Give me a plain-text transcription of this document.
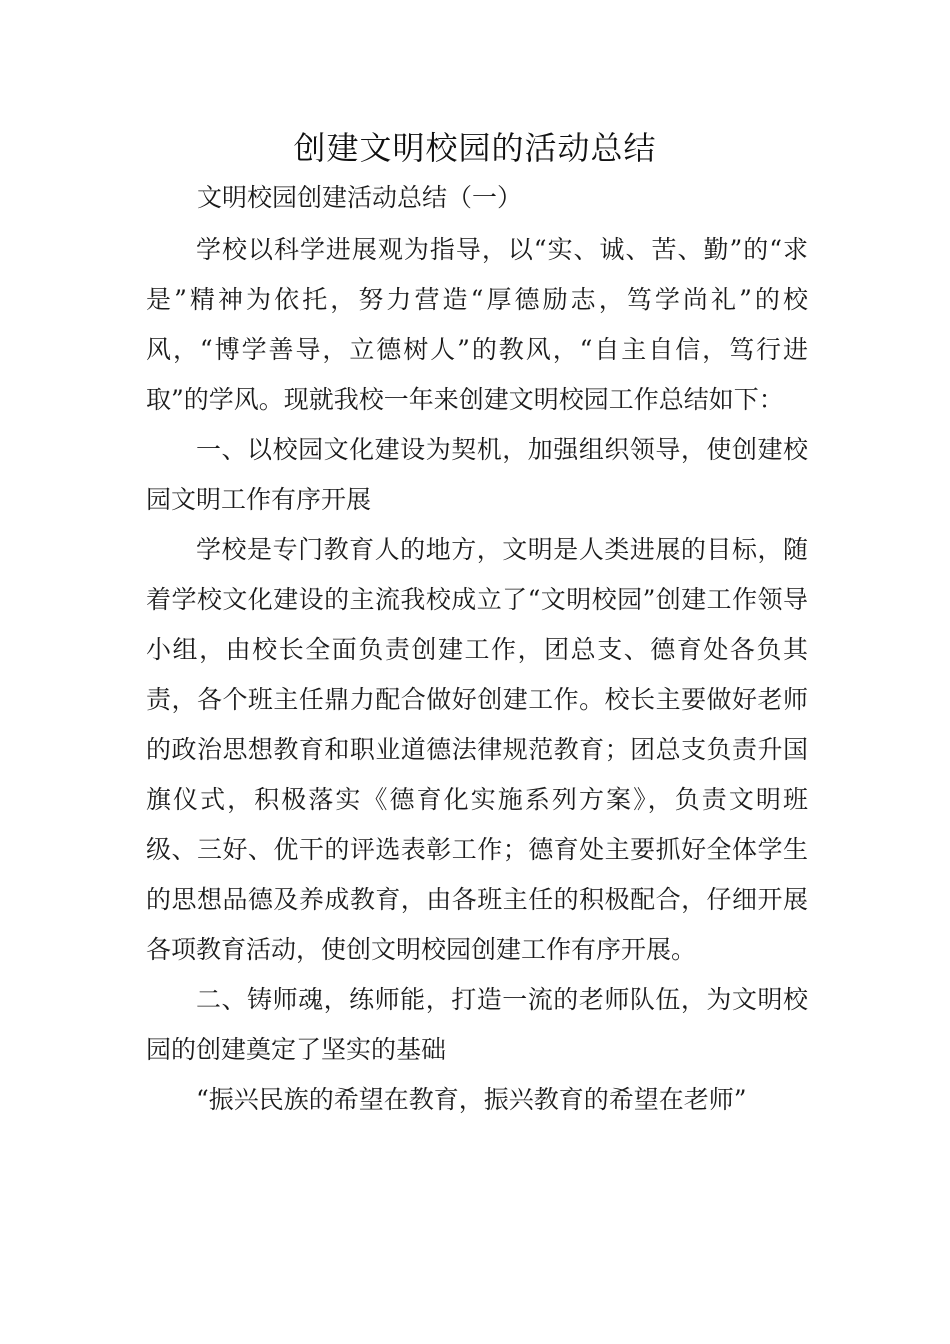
创建文明校园的活动总结
文明校园创建活动总结（一）

学校以科学进展观为指导，以“实、诚、苦、勤”的“求是”精神为依托，努力营造“厚德励志，笃学尚礼”的校风，“博学善导，立德树人”的教风，“自主自信，笃行进取”的学风。现就我校一年来创建文明校园工作总结如下：

一、以校园文化建设为契机，加强组织领导，使创建校园文明工作有序开展

学校是专门教育人的地方，文明是人类进展的目标，随着学校文化建设的主流我校成立了“文明校园”创建工作领导小组，由校长全面负责创建工作，团总支、德育处各负其责，各个班主任鼎力配合做好创建工作。校长主要做好老师的政治思想教育和职业道德法律规范教育；团总支负责升国旗仪式，积极落实《德育化实施系列方案》，负责文明班级、三好、优干的评选表彰工作；德育处主要抓好全体学生的思想品德及养成教育，由各班主任的积极配合，仔细开展各项教育活动，使创文明校园创建工作有序开展。

二、铸师魂，练师能，打造一流的老师队伍，为文明校园的创建奠定了坚实的基础

“振兴民族的希望在教育，振兴教育的希望在老师”
